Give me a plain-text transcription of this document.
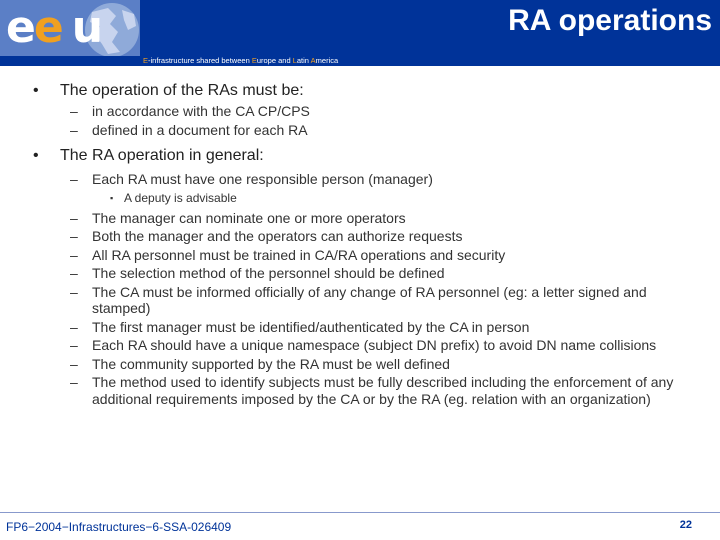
ee u	RA operations
E-infrastructure shared between Europe and Latin America
• The operation of the RAs must be:
– in accordance with the CA CP/CPS
– defined in a document for each RA
• The RA operation in general:
– Each RA must have one responsible person (manager)
▪ A deputy is advisable
– The manager can nominate one or more operators
– Both the manager and the operators can authorize requests
– All RA personnel must be trained in CA/RA operations and security
– The selection method of the personnel should be defined
– The CA must be informed officially of any change of RA personnel (eg: a letter signed and stamped)
– The first manager must be identified/authenticated by the CA in person
– Each RA should have a unique namespace (subject DN prefix) to avoid DN name collisions
– The community supported by the RA must be well defined
– The method used to identify subjects must be fully described including the enforcement of any additional requirements imposed by the CA or by the RA (eg. relation with an organization)
FP6−2004−Infrastructures−6-SSA-026409	22
